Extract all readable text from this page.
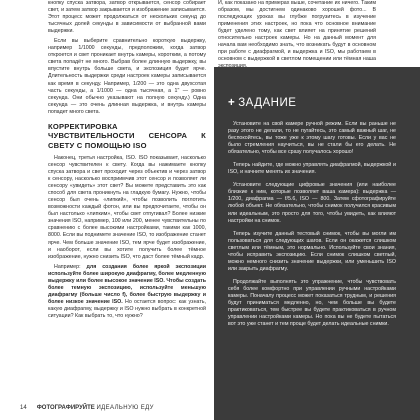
кнопку спуска затвора, затвор открывается, сенсор собирает свет, и затем затвор закрывается и изображение записывается. Этот процесс может продолжаться от нескольких секунд до тысячных долей секунды в зависимости от выбранной вами выдержки.

Если вы выберите сравнительно короткую выдержку, например 1/1000 секунды, предположим, когда затвор откроется и свет проникает внутрь камеры, коротким, а потому света попадёт не много. Выбрав более длинную выдержку, вы впустите внутрь больше света, и экспозиция будет ярче. Длительность выдержки среди настроек камеры записывается как время в секунду. Например, 1/200 — это одна двухсотая часть секунды, а 1/1000 — одна тысячная, а 1" — ровно секунда. Они обычно указывают на полную секунду.) Одна секунда — это очень длинная выдержка, и внутрь камеры попадет много света.

КОРРЕКТИРОВКА ЧУВСТВИТЕЛЬНОСТИ СЕНСОРА К СВЕТУ С ПОМОЩЬЮ ISO

Наконец, третья настройка, ISO. ISO показывает, насколько сенсор чувствителен к свету. Когда вы нажимаете кнопку спуска затвора и свет проходит через объектив и через затвор к сенсору, насколько восприимчив этот сенсор и позволяет ли сенсору «увидеть» этот свет? Вы можете представить это как способ для света проникнуть на гладкую бумагу. Нужно, чтобы сенсор был очень «липкий», чтобы позволить поглотить возможности каждый фотон, или вы предпочитаете, чтобы он был настолько «липким», чтобы свет отпугивал? Более низкие значения ISO, например, 100 или 200, менее чувствительны по сравнению с более высокими настройками, такими как 1000, 8000. Если вы поднимете значение ISO, то изображение станет ярче. Чем больше значение ISO, тем ярче будет изображение, и наоборот, если вы хотите получить более тёмное изображение, нужно снизить ISO, что даст более тёмный кадр.

Например: для создания более яркой экспозиции используйте более широкую диафрагму, более медленную выдержку или более высокое значение ISO. Чтобы создать более темную экспозицию, используйте меньшую диафрагму (больше число f), более быструю выдержку и более низкое значение ISO. Но остается вопрос: как узнать, какую диафрагму, выдержку и ISO нужно выбрать в конкретной ситуации? Как выбрать то, что нужно?

И, как показано на примерах выше, сочетание их ничего. Таким образом, мы достигнем одинаково хорошей фото... В последующих уроках вы глубже погрузитесь в изучение применения этих настроек, но пока что основное внимание будет уделено тому, как свет влияет на принятие решений относительно настроек камеры. Но на данный момент для начала вам необходимо знать, что возникать будут в основном при работе с диафрагмой, и выдержка и ISO, мы работаем в основном с выдержкой в светлом помещении или тёмная наша

+ ЗАДАНИЕ

Установите на свой камере ручной режим. Если вы раньше не разу этого не делали, то не пугайтесь, это самый важный шаг, не беспокойтесь, вы тоже уже к этому шагу готовы. Если у вас не было стремления научиться, вы не стали бы его делать. Не обязательно, чтобы все сразу получалось хорошо!

Теперь найдите, где можно управлять диафрагмой, выдержкой и ISO, и начните менять их значения.

Установите следующие цифровые значения (или наиболее близкие к ним, которые позволяет ваша камера): выдержка — 1/200, диафрагма — f/5.6, ISO — 800. Затем сфотографируйте любой объект. Не обязательно, чтобы снимок получился красивым или идеальным, это просто для того, чтобы увидеть, как влияют настройки на снимок.

Теперь изучите данный тестовый снимок, чтобы вы могли им пользоваться для следующих шагов. Если он окажется слишком светлым или тёмным, это нормально. Используйте свои знания, чтобы исправить экспозицию. Если снимок слишком светлый, можно немного снизить значение выдержки, или уменьшить ISO или закрыть диафрагму.

Продолжайте выполнять это упражнение, чтобы чувствовать себя более комфортно при управлении ручными настройками камеры. Поначалу процесс может показаться трудным, и решения будут приниматься медленно, но, чем больше вы будете практиковаться, тем быстрее вы будете практиковаться в ручном управлении настройками камеры. Но пока вы не будете пытаться вот это уже станет и тем проще будет делать идеальные снимки.

14 ФОТОГРАФИРУЙТЕ ИДЕАЛЬНУЮ ЕДУ
